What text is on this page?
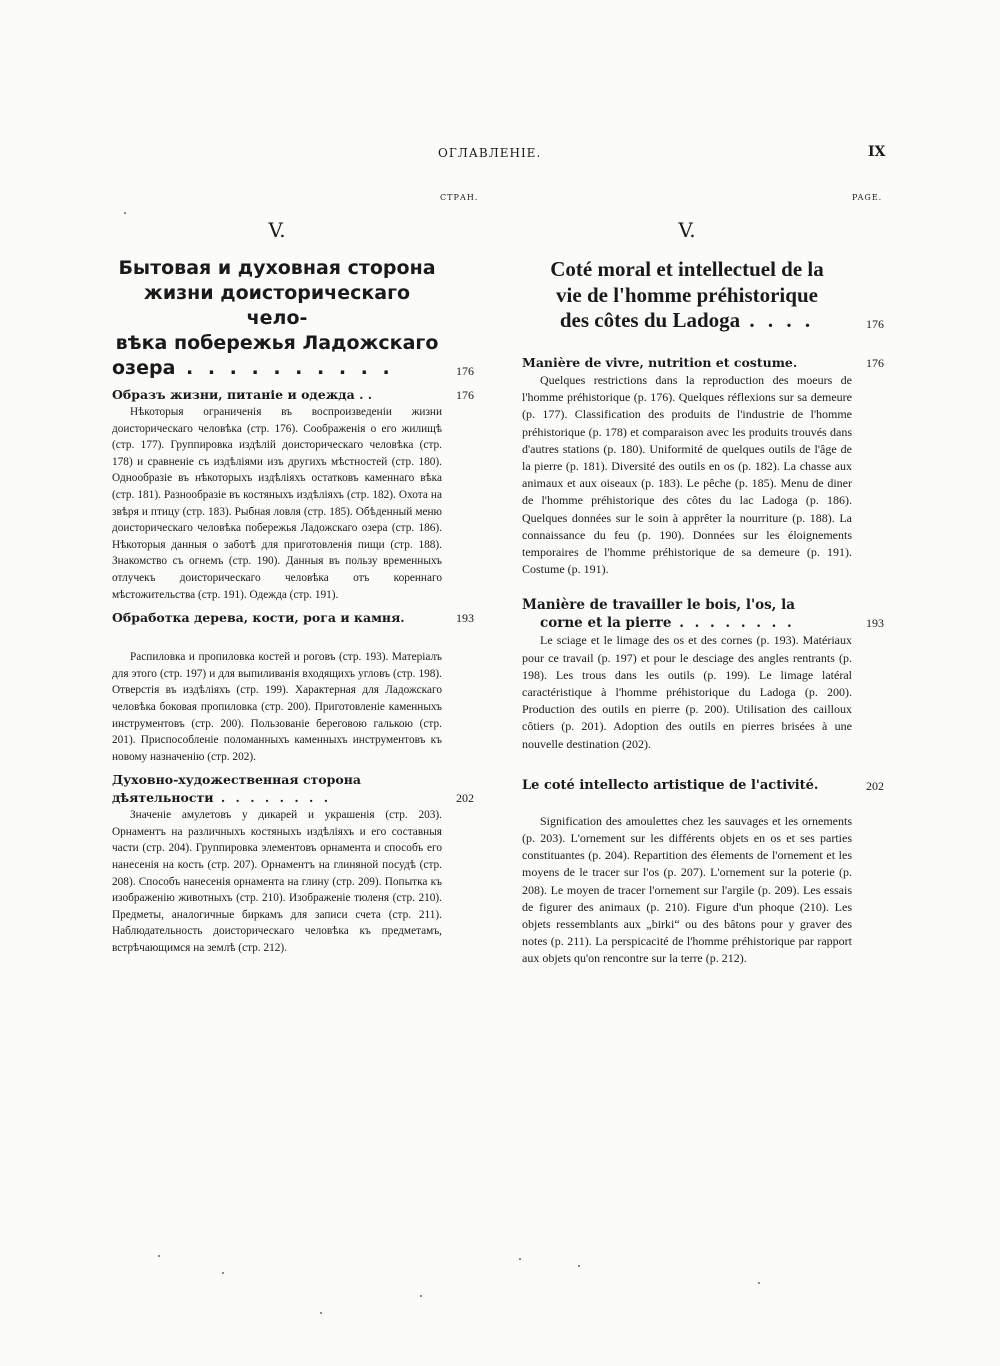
ОГЛАВЛЕНІЕ.	IX
СТРАН.	PAGE.
V.
Бытовая и духовная сторона
жизни доисторическаго чело-
вѣка побережья Ладожскаго
озера . . . . . . . . . .	176
Образъ жизни, питаніе и одежда . .	176
Нѣкоторыя ограниченія въ воспроизведеніи жизни доисторическаго человѣка (стр. 176). Соображенія о его жилищѣ (стр. 177). Группировка издѣлій доисторическаго человѣка (стр. 178) и сравненіе съ издѣліями изъ другихъ мѣстностей (стр. 180). Однообразіе въ нѣкоторыхъ издѣліяхъ остатковъ каменнаго вѣка (стр. 181). Разнообразіе въ костяныхъ издѣліяхъ (стр. 182). Охота на звѣря и птицу (стр. 183). Рыбная ловля (стр. 185). Обѣденный меню доисторическаго человѣка побережья Ладожскаго озера (стр. 186). Нѣкоторыя данныя о заботѣ для приготовленія пищи (стр. 188). Знакомство съ огнемъ (стр. 190). Данныя въ пользу временныхъ отлучекъ доисторическаго человѣка отъ кореннаго мѣстожительства (стр. 191). Одежда (стр. 191).
Обработка дерева, кости, рога и камня.	193
Распиловка и пропиловка костей и роговъ (стр. 193). Матеріалъ для этого (стр. 197) и для выпиливанія входящихъ угловъ (стр. 198). Отверстія въ издѣліяхъ (стр. 199). Характерная для Ладожскаго человѣка боковая пропиловка (стр. 200). Приготовленіе каменныхъ инструментовъ (стр. 200). Пользованіе береговою галькою (стр. 201). Приспособленіе поломанныхъ каменныхъ инструментовъ къ новому назначенію (стр. 202).
Духовно-художественная сторона дѣятельности . . . . . . . .	202
Значеніе амулетовъ у дикарей и украшенія (стр. 203). Орнаментъ на различныхъ костяныхъ издѣліяхъ и его составныя части (стр. 204). Группировка элементовъ орнамента и способъ его нанесенія на кость (стр. 207). Орнаментъ на глиняной посудѣ (стр. 208). Способъ нанесенія орнамента на глину (стр. 209). Попытка къ изображенію животныхъ (стр. 210). Изображеніе тюленя (стр. 210). Предметы, аналогичные биркамъ для записи счета (стр. 211). Наблюдательность доисторическаго человѣка къ предметамъ, встрѣчающимся на землѣ (стр. 212).
V.
Coté moral et intellectuel de la
vie de l'homme préhistorique
des côtes du Ladoga . . . .	176
Manière de vivre, nutrition et costume.	176
Quelques restrictions dans la reproduction des moeurs de l'homme préhistorique (p. 176). Quelques réflexions sur sa demeure (p. 177). Classification des produits de l'industrie de l'homme préhistorique (p. 178) et comparaison avec les produits trouvés dans d'autres stations (p. 180). Uniformité de quelques outils de l'âge de la pierre (p. 181). Diversité des outils en os (p. 182). La chasse aux animaux et aux oiseaux (p. 183). Le pêche (p. 185). Menu de diner de l'homme préhistorique des côtes du lac Ladoga (p. 186). Quelques données sur le soin à apprêter la nourriture (p. 188). La connaissance du feu (p. 190). Données sur les éloignements temporaires de l'homme préhistorique de sa demeure (p. 191). Costume (p. 191).
Manière de travailler le bois, l'os, la
corne et la pierre . . . . . . . .	193
Le sciage et le limage des os et des cornes (p. 193). Matériaux pour ce travail (p. 197) et pour le desciage des angles rentrants (p. 198). Les trous dans les outils (p. 199). Le limage latéral caractéristique à l'homme préhistorique du Ladoga (p. 200). Production des outils en pierre (p. 200). Utilisation des cailloux côtiers (p. 201). Adoption des outils en pierres brisées à une nouvelle destination (202).
Le coté intellecto artistique de l'activité.	202
Signification des amoulettes chez les sauvages et les ornements (p. 203). L'ornement sur les différents objets en os et ses parties constituantes (p. 204). Repartition des élements de l'ornement et les moyens de le tracer sur l'os (p. 207). L'ornement sur la poterie (p. 208). Le moyen de tracer l'ornement sur l'argile (p. 209). Les essais de figurer des animaux (p. 210). Figure d'un phoque (210). Les objets ressemblants aux „birki“ ou des bâtons pour y graver des notes (p. 211). La perspicacité de l'homme préhistorique par rapport aux objets qu'on rencontre sur la terre (p. 212).
